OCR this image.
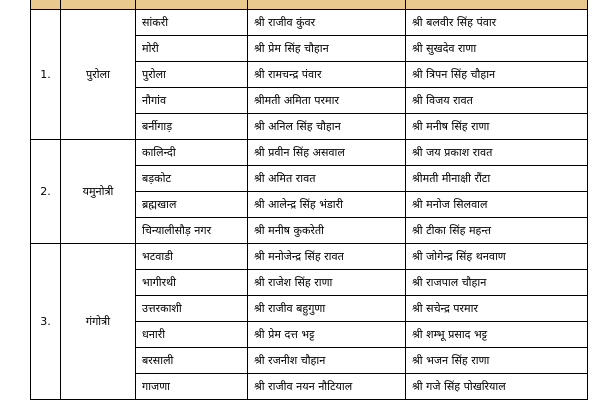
1.	पुरोला	सांकरी	श्री राजीव कुंवर	श्री बलवीर सिंह पंवार
		मोरी	श्री प्रेम सिंह चौहान	श्री सुखदेव राणा
		पुरोला	श्री रामचन्द्र पंवार	श्री त्रिपन सिंह चौहान
		नौगांव	श्रीमती अमिता परमार	श्री विजय रावत
		बर्नीगाड़	श्री अनिल सिंह चौहान	श्री मनीष सिंह राणा
2.	यमुनोत्री	कालिन्दी	श्री प्रवीन सिंह असवाल	श्री जय प्रकाश रावत
		बड़कोट	श्री अमित रावत	श्रीमती मीनाक्षी रौंटा
		ब्रह्मखाल	श्री आलेन्द्र सिंह भंडारी	श्री मनोज सिलवाल
		चिन्यालीसौड़ नगर	श्री मनीष कुकरेती	श्री टीका सिंह महन्त
3.	गंगोत्री	भटवाडी	श्री मनोजेन्द्र सिंह रावत	श्री जोगेन्द्र सिंह थनवाण
		भागीरथी	श्री राजेश सिंह राणा	श्री राजपाल चौहान
		उत्तरकाशी	श्री राजीव बहुगुणा	श्री सचेन्द्र परमार
		धनारी	श्री प्रेम दत्त भट्ट	श्री शम्भू प्रसाद भट्ट
		बरसाली	श्री रजनीश चौहान	श्री भजन सिंह राणा
		गाजणा	श्री राजीव नयन नौटियाल	श्री गजे सिंह पोखरियाल
